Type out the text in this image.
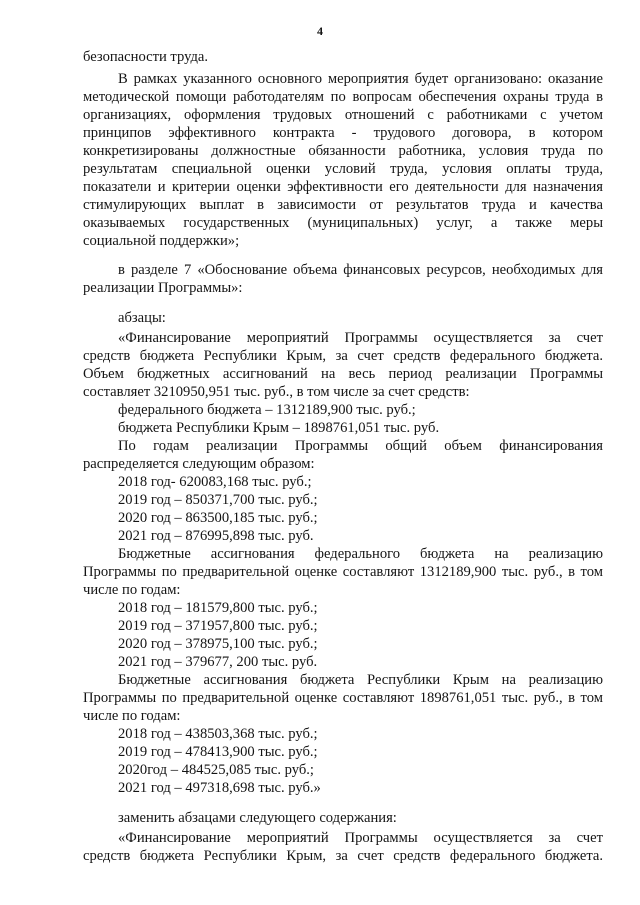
4
безопасности труда.
В рамках указанного основного мероприятия будет организовано: оказание
методической помощи работодателям по вопросам обеспечения охраны труда в
организациях, оформления трудовых отношений с работниками с учетом
принципов эффективного контракта - трудового договора, в котором
конкретизированы должностные обязанности работника, условия труда по
результатам специальной оценки условий труда, условия оплаты труда,
показатели и критерии оценки эффективности его деятельности для назначения
стимулирующих выплат в зависимости от результатов труда и качества
оказываемых государственных (муниципальных) услуг, а также меры
социальной поддержки»;
в разделе 7 «Обоснование объема финансовых ресурсов, необходимых для
реализации Программы»:
абзацы:
«Финансирование мероприятий Программы осуществляется за счет
средств бюджета Республики Крым, за счет средств федерального бюджета.
Объем бюджетных ассигнований на весь период реализации Программы
составляет 3210950,951 тыс. руб., в том числе за счет средств:
федерального бюджета – 1312189,900 тыс. руб.;
бюджета Республики Крым – 1898761,051 тыс. руб.
По годам реализации Программы общий объем финансирования
распределяется следующим образом:
2018 год- 620083,168 тыс. руб.;
2019 год – 850371,700 тыс. руб.;
2020 год – 863500,185 тыс. руб.;
2021 год – 876995,898 тыс. руб.
Бюджетные ассигнования федерального бюджета на реализацию
Программы по предварительной оценке составляют 1312189,900 тыс. руб., в том
числе по годам:
2018 год – 181579,800 тыс. руб.;
2019 год – 371957,800 тыс. руб.;
2020 год – 378975,100 тыс. руб.;
2021 год – 379677, 200 тыс. руб.
Бюджетные ассигнования бюджета Республики Крым на реализацию
Программы по предварительной оценке составляют 1898761,051 тыс. руб., в том
числе по годам:
2018 год – 438503,368 тыс. руб.;
2019 год – 478413,900 тыс. руб.;
2020год – 484525,085 тыс. руб.;
2021 год – 497318,698 тыс. руб.»
заменить абзацами следующего содержания:
«Финансирование мероприятий Программы осуществляется за счет
средств бюджета Республики Крым, за счет средств федерального бюджета.
